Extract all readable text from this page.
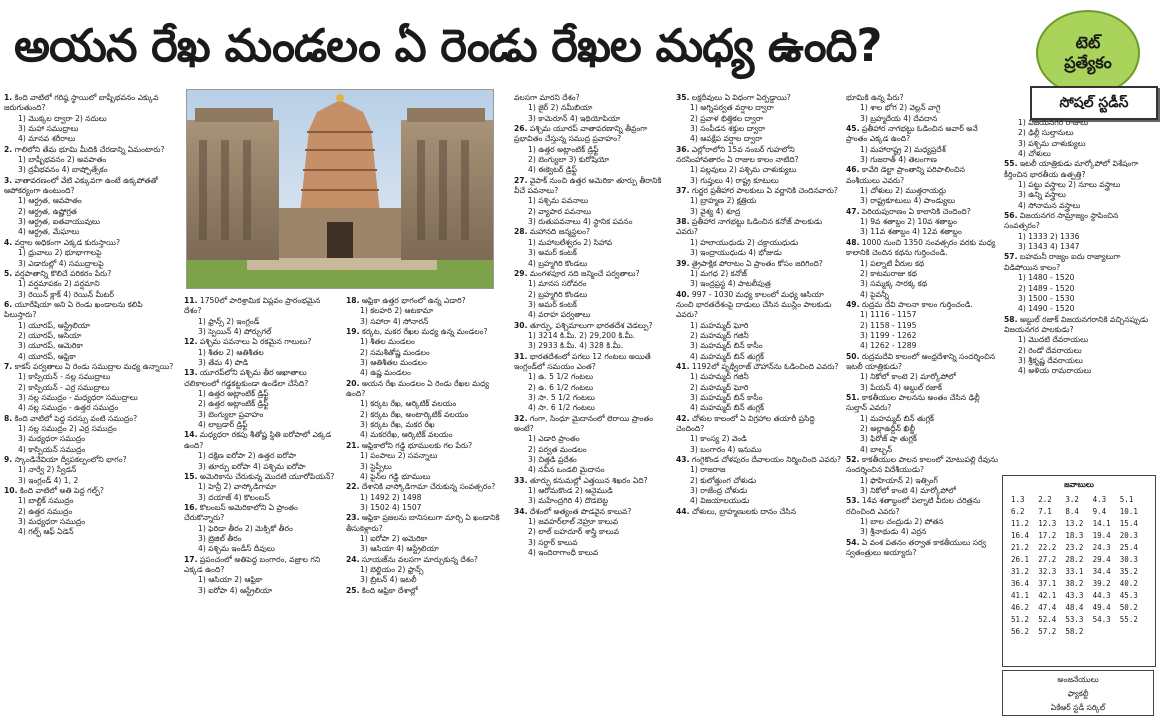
అయన రేఖ మండలం ఏ రెండు రేఖల మధ్య ఉంది?	టెట్
ప్రత్యేకం
సోషల్ స్టడీస్
1. కింది వాటిలో గరిష్ఠ స్థాయిలో బాష్పీభవనం ఎక్కువ జరుగుతుంది?
1) మొక్కల ద్వారా 2) నదులు
3) మహా సముద్రాలు
4) మానవ శరీరాలు
2. గాలిలోని తేమ భూమి మీదికి చేరడాన్ని ఏమంటారు?
1) బాష్పీభవనం 2) అవపాతం
3) ద్రవీభవనం 4) బాష్పోత్సేకం
3. వాతావరణంలో వేటి ఎక్కువగా ఉంటే ఉక్కపోతతో ఆపోకర్యంగా ఉంటుంది?
1) ఆర్ద్రత, ఆవపాతం
2) ఆర్ద్రత, ఉష్ణోగ్రత
3) ఆర్ద్రత, ఐతవాయువులు
4) ఆర్ద్రత, మేఘాలు
4. వర్షాల అధికంగా ఎక్కడ కురుస్తాయి?
1) ధ్రువాలు 2) భూభాగాలపై
3) ఎడారుల్లో 4) సముద్రాలపై
5. వర్షపాతాన్ని కొలిచే పరికరం పేరు?
1) వర్షమాపకం 2) వర్షమాని
3) రెయిన్ క్లాక్ 4) రెయిన్ మీటర్
6. యూరేషియా అని ఏ రెండు ఖండాలను కలిపి పిలుస్తారు?
1) యూరప్, ఆస్ట్రేలియా
2) యూరప్, ఆసియా
3) యూరప్, ఆమెరికా
4) యూరప్, ఆఫ్రికా
7. కాకస్ పర్వతాలు ఏ రెండు సముద్రాల మధ్య ఉన్నాయి?
1) కాస్పియన్ - నల్ల సముద్రాలు
2) కాస్పియన్ - ఎర్ర సముద్రాలు
3) నల్ల సముద్రం - మధ్యధరా సముద్రాలు
4) నల్ల సముద్రం - ఉత్తర సముద్రం
8. కింది వాటిలో పెద్ద సరస్సు వంటి సముద్రం?
1) నల్ల సముద్రం 2) ఎర్ర సముద్రం
3) మధ్యధరా సముద్రం
4) కాస్పియన్ సముద్రం
9. స్కాండినేవియా ద్వీపకల్పంలోని భాగం?
1) నార్వే 2) స్వీడన్
3) ఇంగ్లండ్ 4) 1, 2
10. కింది వాటిలో అతి పెద్ద గల్ఫ్?
1) బాల్టిక్ సముద్రం
2) ఉత్తర సముద్రం
3) మధ్యధరా సముద్రం
4) గల్ఫ్ ఆఫ్ ఏడెన్
11. 1750లో పారిశ్రామిక విప్లవం ప్రారంభమైన దేశం?
1) ఫ్రాన్స్ 2) ఇంగ్లండ్
3) స్పెయిన్ 4) పోర్చుగల్
12. పశ్చిమ పవనాలు ఏ రకమైన గాలులు?
1) శీతల 2) ఆతిశీతల
3) తేమ 4) పొడి
13. యూరప్‌లోని పశ్చిమ తీర ఆఖాతాలు చలికాలంలో గడ్డకట్టకుండా ఉండేలా చేసేది?
1) ఉత్తర అట్లాంటిక్ డ్రిఫ్ట్
2) ఉత్తర అట్లాంటిక్ డ్రిఫ్ట్
3) బెంగ్యులా ప్రవాహం
4) లాబ్రడార్ డ్రిఫ్ట్
14. మధ్యధరా రకపు శీతోష్ణ స్థితి ఐరోపాలో ఎక్కడ ఉంది?
1) దక్షిణ ఐరోపా 2) ఉత్తర ఐరోపా
3) తూర్పు ఐరోపా 4) పశ్చిమ ఐరోపా
15. అమెరికాను చేరుకున్న మొదటి యూరోపియన్?
1) హెన్రీ 2) వాస్కోడిగామా
3) దయాజ్ 4) కొలంబస్
16. కొలంబస్ అమెరికాలోని ఏ ప్రాంతం చేరుకొన్నారు?
1) ఫెరిడా తీరం 2) మెక్సికో తీరం
3) బ్రెజిల్ తీరం
4) పశ్చిమ ఇండీస్ దీవులు
17. ప్రపంచంలో అతిపెద్ద బంగారం, వజ్రాల గని ఎక్కడ ఉంది?
1) ఆసియా 2) ఆఫ్రికా
3) ఐరోపా 4) ఆస్ట్రేలియా
18. ఆఫ్రికా ఉత్తర భాగంలో ఉన్న ఎడారి?
1) కలహరి 2) ఆటకామా
3) సహారా 4) సోనారన్
19. కర్కట, మకర రేఖల మధ్య ఉన్న మండలం?
1) శీతల మండలం
2) సమశీతోష్ణ మండలం
3) ఆతిశీతల మండలం
4) ఉష్ణ మండలం
20. అయన రేఖ మండలం ఏ రెండు రేఖల మధ్య ఉంది?
1) కర్కట రేఖ, ఆర్కిటిక్ వలయం
2) కర్కట రేఖ, అంటార్కిటిక్ వలయం
3) కర్కట రేఖ, మకర రేఖ
4) మకరరేఖ, ఆర్కిటిక్ వలయం
21. ఆఫ్రికాలోని గడ్డి భూములకు గల పేరు?
1) పంపాలు 2) సవన్నాలు
3) స్టెప్పీలు
4) పైన్‌ల గడ్డి భూములు
22. దేశానికి వాస్కోడిగామా చేరుకున్న సంవత్సరం?
1) 1492 2) 1498
3) 1502 4) 1507
23. ఆఫ్రికా ప్రజలను బానిసలుగా మార్చి ఏ ఖండానికి తీసుకెళ్లారు?
1) ఐరోపా 2) అమెరికా
3) ఆసియా 4) ఆస్ట్రేలియా
24. సూయజ్‌ను వలసగా మార్చుకున్న దేశం?
1) బెల్జియం 2) ఫ్రాన్స్
3) బ్రిటన్ 4) ఇటలీ
25. కింది ఆఫ్రికా దేశాల్లో
వలసగా మారని దేశం?
1) జైర్ 2) నమీబియా
3) కామెరూన్ 4) ఇథియోపియా
26. పశ్చిమ యూరప్ వాతావరణాన్ని తీవ్రంగా ప్రభావితం చేస్తున్న సముద్ర ప్రవాహం?
1) ఉత్తర అట్లాంటిక్ డ్రిఫ్ట్
2) బెంగ్యులా 3) కురోషియో
4) ఈక్వెటర్ డ్రిఫ్ట్
27. వైపాక్ నుంచి ఉత్తర అమెరికా తూర్పు తీరానికి వీచే పవనాలు?
1) పశ్చిమ పవనాలు
2) వ్యాపార పవనాలు
3) రుతుపవనాలు 4) స్థానిక పవనం
28. మహానది జన్మస్థలం?
1) మహాబలేశ్వరం 2) సిహావ
3) అమర్ కంటక్
4) బ్రహ్మగిరి కొండలు
29. మంగళపూర నది జన్మించే పర్వతాలు?
1) మానస సరోవరం
2) బ్రహ్మగిరి కొండలు
3) అమర్ కంటక్
4) వరాహ పర్వతాలు
30. తూర్పు, పశ్చిమాలుగా భారతదేశ వెడల్పు?
1) 3214 కి.మీ. 2) 29,200 కి.మీ.
3) 2933 కి.మీ. 4) 328 కి.మీ.
31. భారతదేశంలో పగలు 12 గంటలు అయితే ఇంగ్లండ్‌లో సమయం ఎంత?
1) ఉ. 5 1/2 గంటలు
2) ఉ. 6 1/2 గంటలు
3) సా. 5 1/2 గంటలు
4) సా. 6 1/2 గంటలు
32. గంగా, సింధూ మైదానంలో లెరాయి ప్రాంతం అంటే?
1) ఎడారి ప్రాంతం
2) పర్వత మండలం
3) చిత్తడి ప్రదేశం
4) నవీన ఒండలి మైదానం
33. తూర్పు కనుమల్లో ఎత్తయిన శిఖరం ఏది?
1) ఆరోమకొండ 2) ఆనైముడి
3) మహేంద్రగిరి 4) దొడబెట్ట
34. దేశంలో అత్యంత పొడవైన కాలువ?
1) జవహర్‌లాల్ నెహ్రూ కాలువ
2) లాల్ బహదూర్ శాస్త్రి కాలువ
3) సర్దార్ కాలువ
4) ఇందిరాగాంధీ కాలువ
35. లక్షదీవులు ఏ విధంగా ఏర్పడ్డాయి?
1) అగ్నిపర్వత వర్షాల ద్వారా
2) ప్రవాళ భిత్తికల ద్వారా
3) సంపీడన శక్తుల ద్వారా
4) ఆవక్షేప వర్షాల ద్వారా
36. ఎల్లోరాలోని 15వ నంబర్ గుహలోని నరసింహావతారం ఏ రాజుల కాలం నాటిది?
1) పల్లవులు 2) పశ్చిమ చాళుక్యులు
3) గుప్తులు 4) రాష్ట్ర కూటులు
37. గుర్జర ప్రతీహార పాలకులు ఏ వర్ణానికి చెందినవారు?
1) బ్రాహ్మణ 2) క్షత్రియ
3) వైశ్య 4) శూద్ర
38. ప్రతీహార నాగభట్టు ఓడించిన కనోజ్ పాలకుడు ఎవరు?
1) హలాయుధుడు 2) చక్రాయుధుడు
3) ఇంద్రాయుధుడు 4) భోజుడు
39. త్రైపాక్షిక పోరాటం ఏ ప్రాంతం కోసం జరిగింది?
1) మగధ 2) కనోజ్
3) ఇంద్రప్రస్థ 4) పాటలీపుత్ర
40. 997 - 1030 మధ్య కాలంలో మధ్య ఆసియా నుంచి భారతదేశంపై దాడులు చేసిన ముస్లిం పాలకుడు ఎవరు?
1) మహమ్మద్ ఘోరి
2) మహమ్మద్ గజినీ
3) మహమ్మద్ బిన్ కాసీం
4) మహమ్మద్ బిన్ తుగ్లక్
41. 1192లో పృథ్వీరాజ్ చౌహాన్‌ను ఓడించింది ఎవరు?
1) మహమ్మద్ గజినీ
2) మహమ్మద్ ఘోరి
3) మహమ్మద్ బిన్ కాసీం
4) మహమ్మద్ బిన్ తుగ్లక్
42. చోళుల కాలంలో ఏ విగ్రహాల తయారీ ప్రసిద్ధి చెందింది?
1) కాంస్య 2) వెండి
3) బంగారం 4) ఇనుము
43. గంగైకొండ చోళపురం దేవాలయం నిర్మించింది ఎవరు?
1) రాజరాజ
2) కులోత్తుంగ చోళుడు
3) రాజేంద్ర చోళుడు
4) విజయాలయుడు
44. చోళులు, బ్రాహ్మణులకు దానం చేసిన
భూమికి ఉన్న పేరు?
1) శాల భోగ 2) వెల్లన్ వాగై
3) బ్రహ్మదేయ 4) దేవదాన
45. ప్రతీహార నాగభట్టు ఓడించిన అవార్ అనే ప్రాంతం ఎక్కడ ఉంది?
1) మహారాష్ట్ర 2) మధ్యప్రదేశ్
3) గుజరాత్ 4) తెలంగాణ
46. కావేరి డెల్టా ప్రాంతాన్ని పరిపాలించిన వంశీయులు ఎవరు?
1) చోళులు 2) ముత్తరాయర్లు
3) రాష్ట్రకూటులు 4) పాండ్యులు
47. పెరియపురాణం ఏ కాలానికి చెందింది?
1) 9వ శతాబ్దం 2) 10వ శతాబ్దం
3) 11వ శతాబ్దం 4) 12వ శతాబ్దం
48. 1000 నుంచి 1350 సంవత్సరం వరకు మధ్య కాలానికి చెందిన కథను గుర్తించండి.
1) పల్నాటి వీరుల కథ
2) కాటమరాజు కథ
3) సమ్మక్క సారక్క కథ
4) పైవన్నీ
49. రుద్రమ దేవి పాలనా కాలం గుర్తించండి.
1) 1116 - 1157
2) 1158 - 1195
3) 1199 - 1262
4) 1262 - 1289
50. రుద్రమదేవి కాలంలో ఆంధ్రదేశాన్ని సందర్శించిన ఇటలీ యాత్రికుడు?
1) నికోలో కాంటె 2) మార్కోపోలో
3) పేయస్ 4) అబ్దుల్ రజాక్
51. కాకతీయుల పాలనను అంతం చేసిన ఢిల్లీ సుల్తాన్ ఎవరు?
1) మహమ్మద్ బిన్ తుగ్లక్
2) అల్లాఉద్దీన్ ఖిల్జీ
3) ఫిరోజ్ షా తుగ్లక్
4) బాల్బన్
52. కాకతీయుల పాలన కాలంలో మోటుపల్లి రేవును సందర్శించిన విదేశీయుడు?
1) ఫొహియాన్ 2) ఇత్సింగ్
3) నికోలో కాంటె 4) మార్కోపోలో
53. 14వ శతాబ్దంలో పల్నాటి వీరుల చరిత్రను రచించింది ఎవరు?
1) బాల చంద్రుడు 2) పోతన
3) శ్రీనాథుడు 4) ఎర్రన
54. ఏ వంశ పతనం తర్వాత కాకతీయులు సర్వ స్వతంత్రులు అయ్యారు?
1) విజయనగర రాజులు
2) ఢిల్లీ సుల్తానులు
3) పశ్చిమ చాళుక్యులు
4) చోళులు
55. ఇటలీ యాత్రికుడు మార్కోపోలో విశేషంగా కీర్తించిన భారతీయ ఉత్పత్తి?
1) పట్టు వస్త్రాలు 2) నూలు వస్త్రాలు
3) ఉన్ని వస్త్రాలు
4) సోనామన వస్త్రాలు
56. విజయనగర సామ్రాజ్యం స్థాపించిన సంవత్సరం?
1) 1333 2) 1336
3) 1343 4) 1347
57. బహమనీ రాజ్యం ఐదు రాజ్యాలుగా విడిపోయిన కాలం?
1) 1480 - 1520
2) 1489 - 1520
3) 1500 - 1530
4) 1490 - 1520
58. అబ్దుల్ రజాక్ విజయనగరానికి వచ్చినప్పుడు విజయనగర పాలకుడు?
1) మొదటి దేవరాయలు
2) రెండో దేవరాయలు
3) శ్రీకృష్ణ దేవరాయలు
4) అళియ రామరాయలు
జవాబులు
1.3	2.2	3.2	4.3	5.1
6.2	7.1	8.4	9.4	10.1
11.2	12.3	13.2	14.1	15.4
16.4	17.2	18.3	19.4	20.3
21.2	22.2	23.2	24.3	25.4
26.1	27.2	28.2	29.4	30.3
31.2	32.3	33.1	34.4	35.2
36.4	37.1	38.2	39.2	40.2
41.1	42.1	43.3	44.3	45.3
46.2	47.4	48.4	49.4	50.2
51.2	52.4	53.3	54.3	55.2
56.2	57.2	58.2
అంజనేయులు
ఫ్యాకల్టీ
ఏకేఆర్ స్టడీ సర్కిల్
